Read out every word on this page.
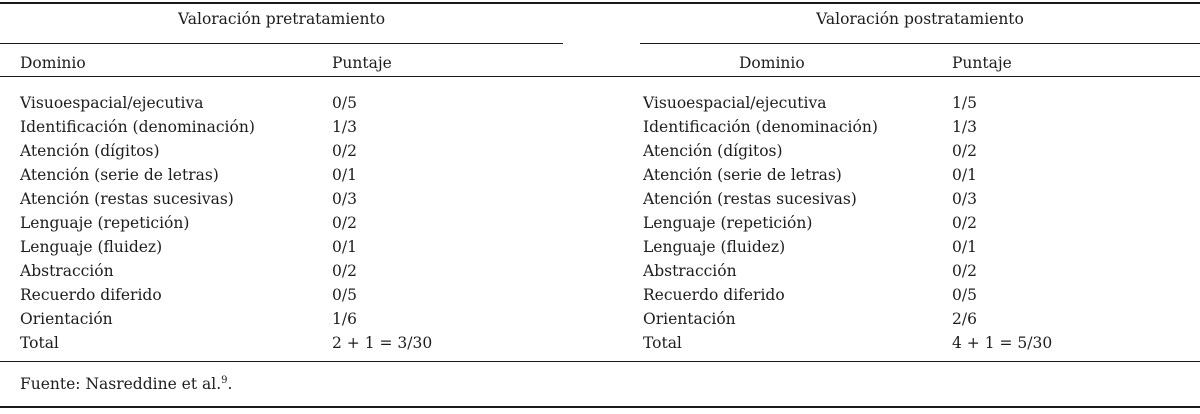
Valoración pretratamiento	Valoración postratamiento
Dominio	Puntaje	Dominio	Puntaje
Visuoespacial/ejecutiva	0/5	Visuoespacial/ejecutiva	1/5
Identificación (denominación)	1/3	Identificación (denominación)	1/3
Atención (dígitos)	0/2	Atención (dígitos)	0/2
Atención (serie de letras)	0/1	Atención (serie de letras)	0/1
Atención (restas sucesivas)	0/3	Atención (restas sucesivas)	0/3
Lenguaje (repetición)	0/2	Lenguaje (repetición)	0/2
Lenguaje (fluidez)	0/1	Lenguaje (fluidez)	0/1
Abstracción	0/2	Abstracción	0/2
Recuerdo diferido	0/5	Recuerdo diferido	0/5
Orientación	1/6	Orientación	2/6
Total	2 + 1 = 3/30	Total	4 + 1 = 5/30
Fuente: Nasreddine et al.$^9$.
